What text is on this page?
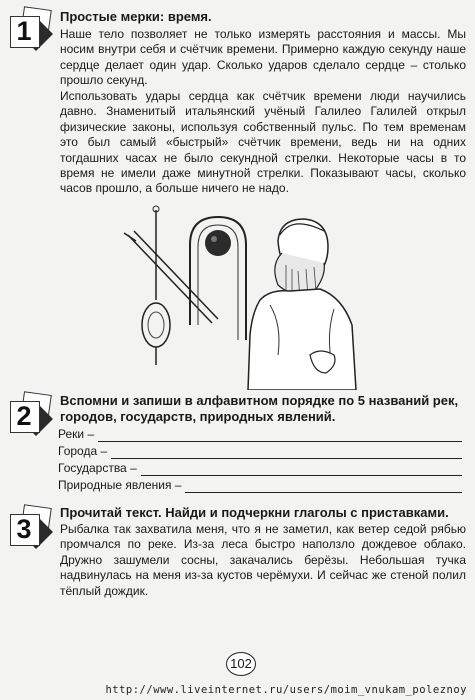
1	Простые мерки: время.
Наше тело позволяет не только измерять расстояния и массы. Мы носим внутри себя и счётчик времени. Примерно каждую секунду наше сердце делает один удар. Сколько ударов сделало сердце – столько прошло секунд.
Использовать удары сердца как счётчик времени люди научились давно. Знаменитый итальянский учёный Галилео Галилей открыл физические законы, используя собственный пульс. По тем временам это был самый «быстрый» счётчик времени, ведь ни на одних тогдашних часах не было секундной стрелки. Некоторые часы в то время не имели даже минутной стрелки. Показывают часы, сколько часов прошло, а больше ничего не надо.
2
Вспомни и запиши в алфавитном порядке по 5 названий рек, городов, государств, природных явлений.
Реки –
Города –
Государства –
Природные явления –
3
Прочитай текст. Найди и подчеркни глаголы с приставками.
Рыбалка так захватила меня, что я не заметил, как ветер седой рябью промчался по реке. Из-за леса быстро наползло дождевое облако. Дружно зашумели сосны, закачались берёзы. Небольшая тучка надвинулась на меня из-за кустов черёмухи. И сейчас же стеной полил тёплый дождик.
102
http://www.liveinternet.ru/users/moim_vnukam_poleznoy
